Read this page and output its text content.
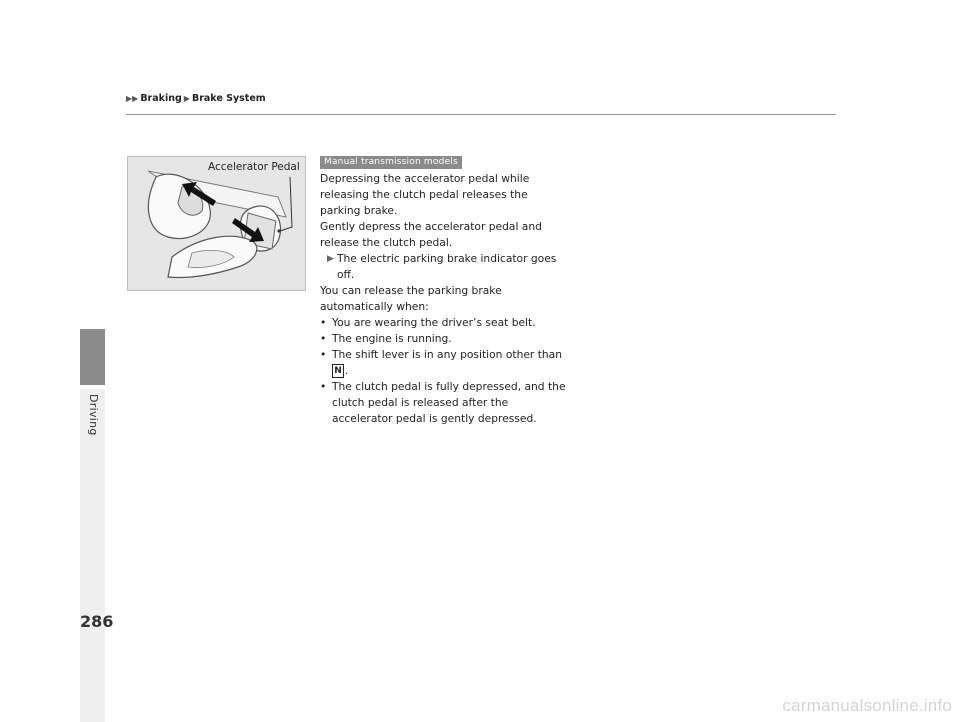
▶▶ Braking ▶ Brake System
Driving
Accelerator Pedal	Manual transmission models

Depressing the accelerator pedal while releasing the clutch pedal releases the parking brake.

Gently depress the accelerator pedal and release the clutch pedal.

▶ The electric parking brake indicator goes off.

You can release the parking brake automatically when:

• You are wearing the driver’s seat belt.
• The engine is running.
• The shift lever is in any position other than
N .
• The clutch pedal is fully depressed, and the clutch pedal is released after the accelerator pedal is gently depressed.
286
carmanualsonline.info
